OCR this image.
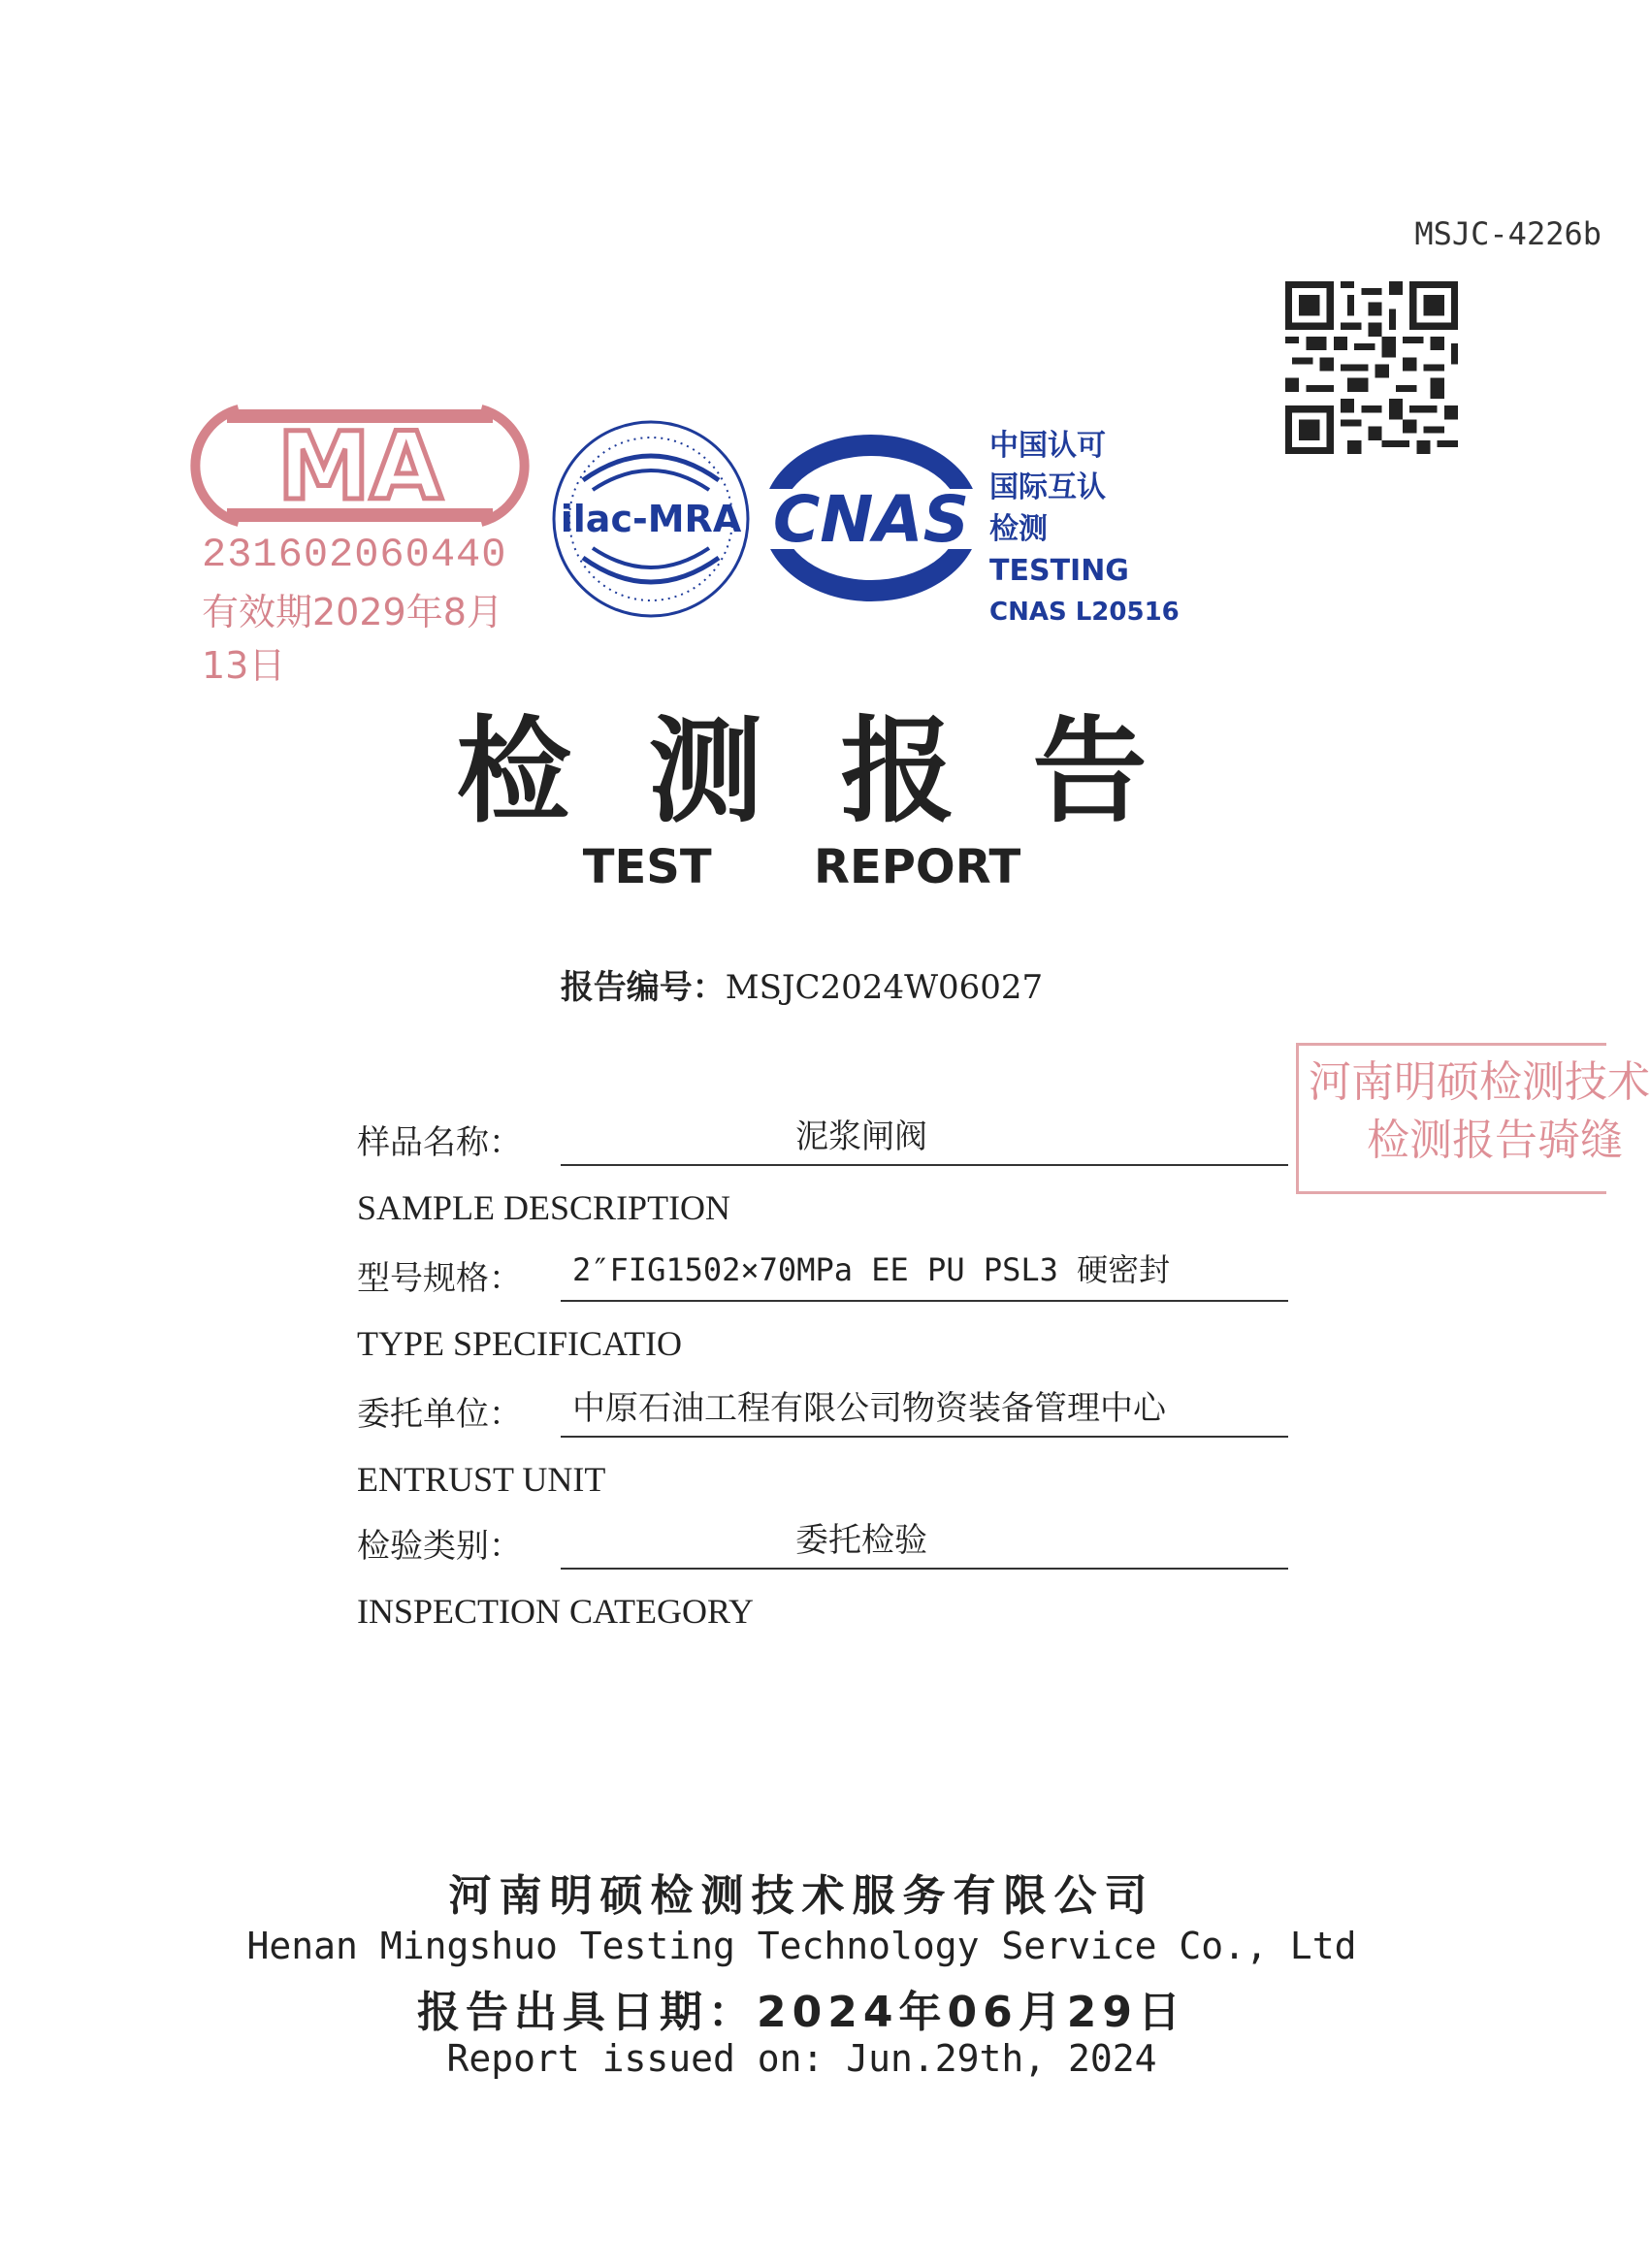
MSJC-4226b
MA
231602060440
有效期2029年8月13日
ilac-MRA CNAS
中国认可
国际互认
检测
TESTING
CNAS L20516
检测报告
TEST  REPORT
报告编号：MSJC2024W06027
河南明硕检测技术
检测报告骑缝
样品名称：	泥浆闸阀
SAMPLE DESCRIPTION
型号规格： 2″FIG1502×70MPa EE PU PSL3 硬密封
TYPE SPECIFICATIO
委托单位： 中原石油工程有限公司物资装备管理中心
ENTRUST UNIT
检验类别：	委托检验
INSPECTION CATEGORY
河南明硕检测技术服务有限公司
Henan Mingshuo Testing Technology Service Co., Ltd
报告出具日期：2024年06月29日
Report issued on: Jun.29th, 2024
